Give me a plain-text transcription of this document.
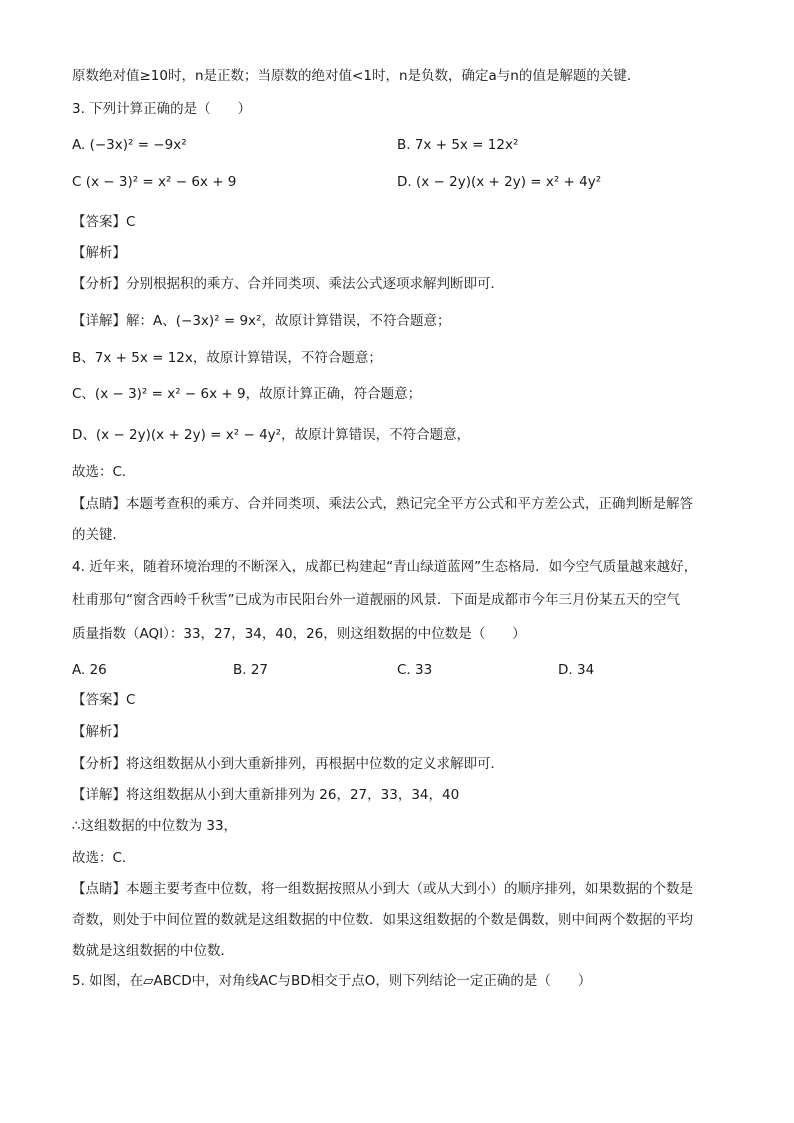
原数绝对值≥10时，n是正数；当原数的绝对值<1时，n是负数，确定a与n的值是解题的关键．
3. 下列计算正确的是（　　）
A. (−3x)² = −9x²	B. 7x + 5x = 12x²
C (x − 3)² = x² − 6x + 9	D. (x − 2y)(x + 2y) = x² + 4y²
【答案】C
【解析】
【分析】分别根据积的乘方、合并同类项、乘法公式逐项求解判断即可．
【详解】解：A、(−3x)² = 9x²，故原计算错误，不符合题意；
B、7x + 5x = 12x，故原计算错误，不符合题意；
C、(x − 3)² = x² − 6x + 9，故原计算正确，符合题意；
D、(x − 2y)(x + 2y) = x² − 4y²，故原计算错误，不符合题意，
故选：C．
【点睛】本题考查积的乘方、合并同类项、乘法公式，熟记完全平方公式和平方差公式，正确判断是解答
的关键．
4. 近年来，随着环境治理的不断深入，成都已构建起“青山绿道蓝网”生态格局．如今空气质量越来越好，
杜甫那句“窗含西岭千秋雪”已成为市民阳台外一道靓丽的风景．下面是成都市今年三月份某五天的空气
质量指数（AQI）：33，27，34，40，26，则这组数据的中位数是（　　）
A. 26	B. 27	C. 33	D. 34
【答案】C
【解析】
【分析】将这组数据从小到大重新排列，再根据中位数的定义求解即可．
【详解】将这组数据从小到大重新排列为 26，27，33，34，40
∴这组数据的中位数为 33，
故选：C．
【点睛】本题主要考查中位数，将一组数据按照从小到大（或从大到小）的顺序排列，如果数据的个数是
奇数，则处于中间位置的数就是这组数据的中位数．如果这组数据的个数是偶数，则中间两个数据的平均
数就是这组数据的中位数．
5. 如图，在▱ABCD中，对角线AC与BD相交于点O，则下列结论一定正确的是（　　）
